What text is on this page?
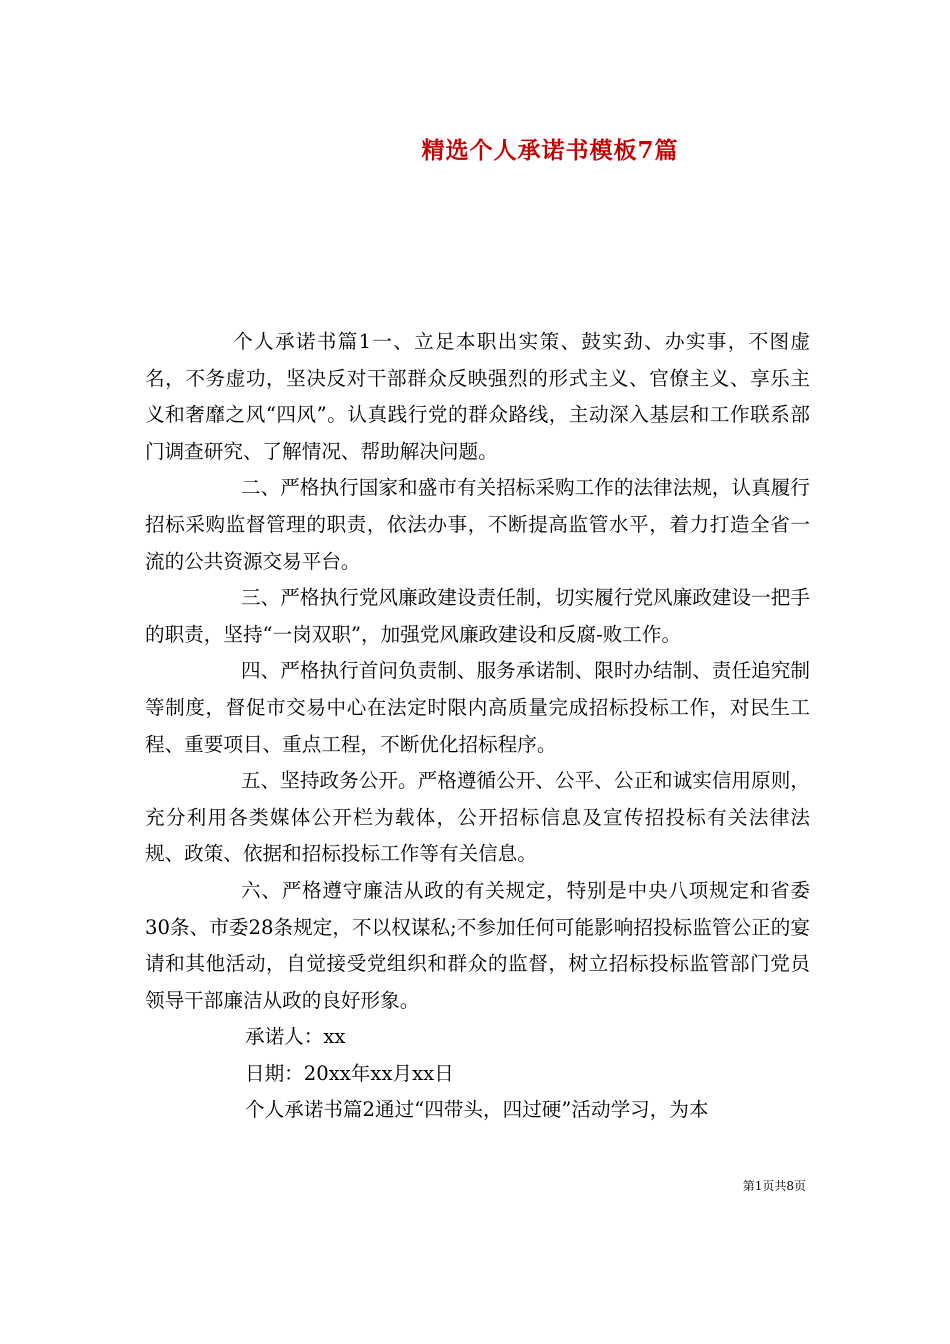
精选个人承诺书模板7篇

个人承诺书篇1一、立足本职出实策、鼓实劲、办实事，不图虚名，不务虚功，坚决反对干部群众反映强烈的形式主义、官僚主义、享乐主义和奢靡之风“四风”。认真践行党的群众路线，主动深入基层和工作联系部门调查研究、了解情况、帮助解决问题。

二、严格执行国家和盛市有关招标采购工作的法律法规，认真履行招标采购监督管理的职责，依法办事，不断提高监管水平，着力打造全省一流的公共资源交易平台。

三、严格执行党风廉政建设责任制，切实履行党风廉政建设一把手的职责，坚持“一岗双职”，加强党风廉政建设和反腐-败工作。

四、严格执行首问负责制、服务承诺制、限时办结制、责任追究制等制度，督促市交易中心在法定时限内高质量完成招标投标工作，对民生工程、重要项目、重点工程，不断优化招标程序。

五、坚持政务公开。严格遵循公开、公平、公正和诚实信用原则，充分利用各类媒体公开栏为载体，公开招标信息及宣传招投标有关法律法规、政策、依据和招标投标工作等有关信息。

六、严格遵守廉洁从政的有关规定，特别是中央八项规定和省委30条、市委28条规定，不以权谋私;不参加任何可能影响招投标监管公正的宴请和其他活动，自觉接受党组织和群众的监督，树立招标投标监管部门党员领导干部廉洁从政的良好形象。

承诺人：xx

日期：20xx年xx月xx日

个人承诺书篇2通过“四带头，四过硬”活动学习，为本

第1页共8页
